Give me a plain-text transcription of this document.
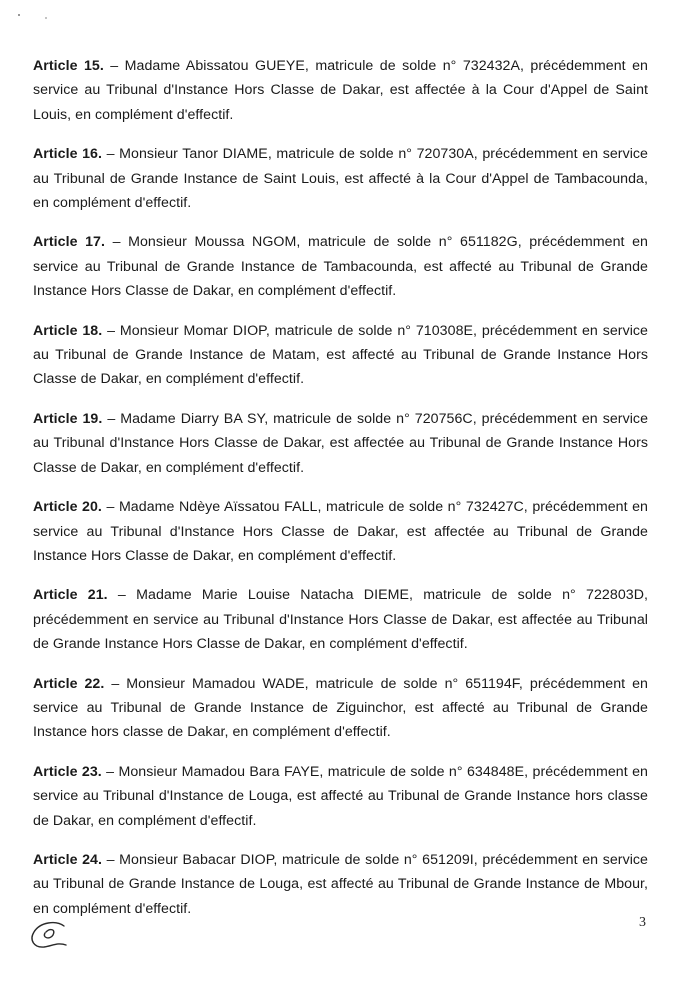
Article 15. – Madame Abissatou GUEYE, matricule de solde n° 732432A, précédemment en service au Tribunal d'Instance Hors Classe de Dakar, est affectée à la Cour d'Appel de Saint Louis, en complément d'effectif.

Article 16. – Monsieur Tanor DIAME, matricule de solde n° 720730A, précédemment en service au Tribunal de Grande Instance de Saint Louis, est affecté à la Cour d'Appel de Tambacounda, en complément d'effectif.

Article 17. – Monsieur Moussa NGOM, matricule de solde n° 651182G, précédemment en service au Tribunal de Grande Instance de Tambacounda, est affecté au Tribunal de Grande Instance Hors Classe de Dakar, en complément d'effectif.

Article 18. – Monsieur Momar DIOP, matricule de solde n° 710308E, précédemment en service au Tribunal de Grande Instance de Matam, est affecté au Tribunal de Grande Instance Hors Classe de Dakar, en complément d'effectif.

Article 19. – Madame Diarry BA SY, matricule de solde n° 720756C, précédemment en service au Tribunal d'Instance Hors Classe de Dakar, est affectée au Tribunal de Grande Instance Hors Classe de Dakar, en complément d'effectif.

Article 20. – Madame Ndèye Aïssatou FALL, matricule de solde n° 732427C, précédemment en service au Tribunal d'Instance Hors Classe de Dakar, est affectée au Tribunal de Grande Instance Hors Classe de Dakar, en complément d'effectif.

Article 21. – Madame Marie Louise Natacha DIEME, matricule de solde n° 722803D, précédemment en service au Tribunal d'Instance Hors Classe de Dakar, est affectée au Tribunal de Grande Instance Hors Classe de Dakar, en complément d'effectif.

Article 22. – Monsieur Mamadou WADE, matricule de solde n° 651194F, précédemment en service au Tribunal de Grande Instance de Ziguinchor, est affecté au Tribunal de Grande Instance hors classe de Dakar, en complément d'effectif.

Article 23. – Monsieur Mamadou Bara FAYE, matricule de solde n° 634848E, précédemment en service au Tribunal d'Instance de Louga, est affecté au Tribunal de Grande Instance hors classe de Dakar, en complément d'effectif.

Article 24. – Monsieur Babacar DIOP, matricule de solde n° 651209I, précédemment en service au Tribunal de Grande Instance de Louga, est affecté au Tribunal de Grande Instance de Mbour, en complément d'effectif.

3
